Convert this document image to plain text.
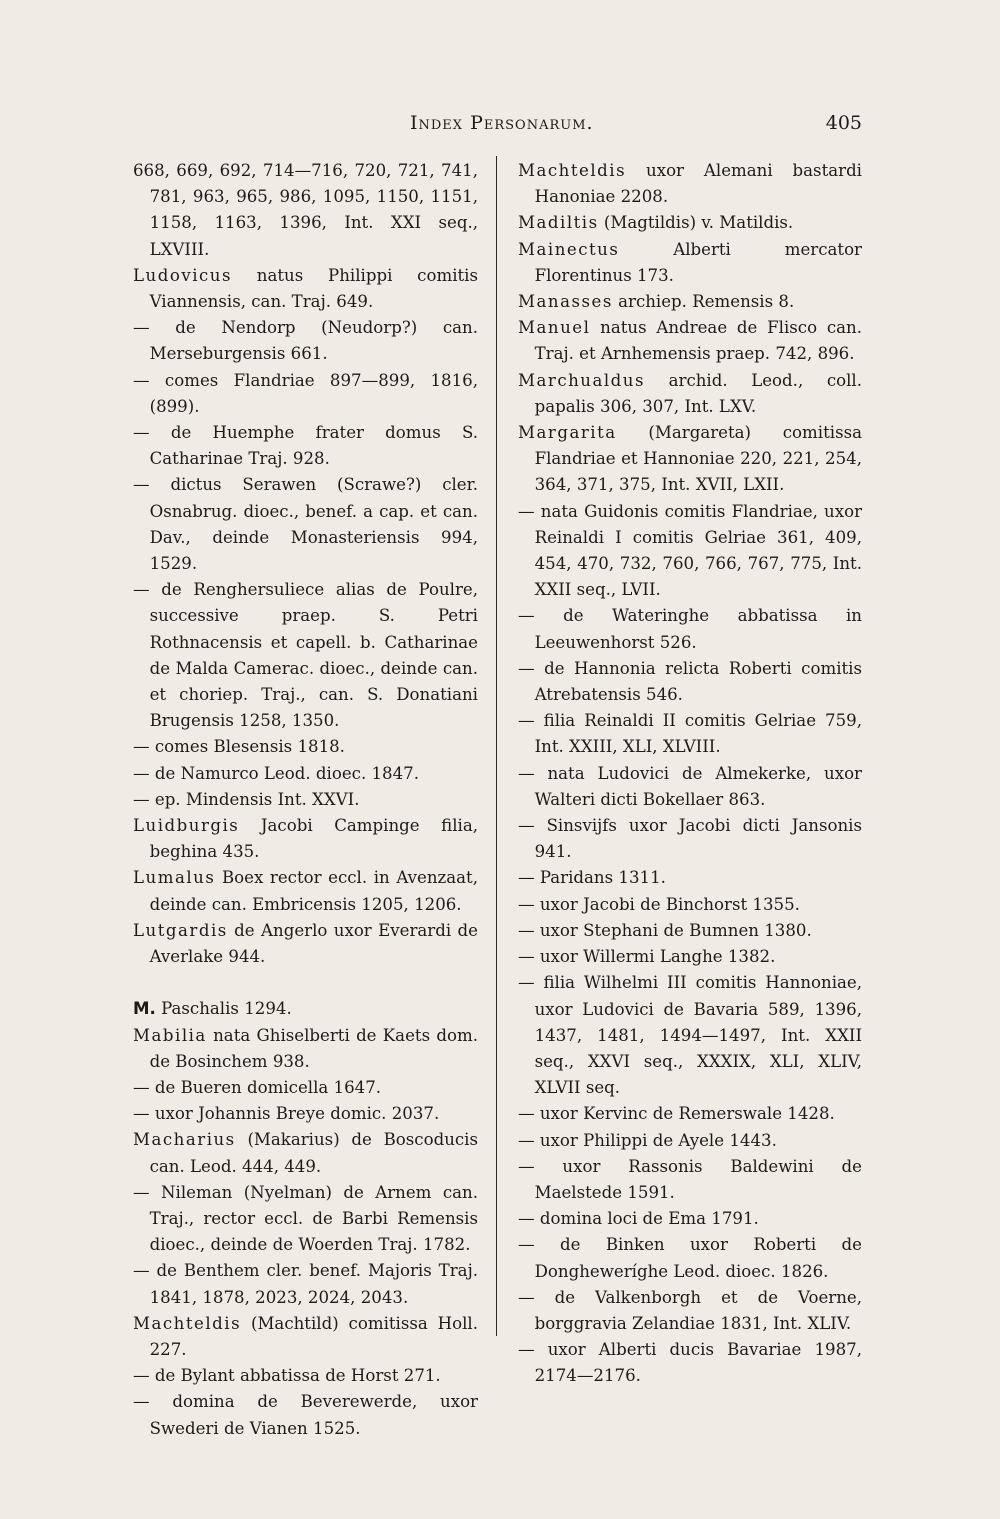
Index Personarum.	405

668, 669, 692, 714—716, 720, 721, 741, 781, 963, 965, 986, 1095, 1150, 1151, 1158, 1163, 1396, Int. XXI seq., LXVIII.

Ludovicus natus Philippi comitis Viannensis, can. Traj. 649.

— de Nendorp (Neudorp?) can. Merseburgensis 661.

— comes Flandriae 897—899, 1816, (899).

— de Huemphe frater domus S. Catharinae Traj. 928.

— dictus Serawen (Scrawe?) cler. Osnabrug. dioec., benef. a cap. et can. Dav., deinde Monasteriensis 994, 1529.

— de Renghersuliece alias de Poulre, successive praep. S. Petri Rothnacensis et capell. b. Catharinae de Malda Camerac. dioec., deinde can. et choriep. Traj., can. S. Donatiani Brugensis 1258, 1350.

— comes Blesensis 1818.

— de Namurco Leod. dioec. 1847.

— ep. Mindensis Int. XXVI.

Luidburgis Jacobi Campinge filia, beghina 435.

Lumalus Boex rector eccl. in Avenzaat, deinde can. Embricensis 1205, 1206.

Lutgardis de Angerlo uxor Everardi de Averlake 944.

M. Paschalis 1294.

Mabilia nata Ghiselberti de Kaets dom. de Bosinchem 938.

— de Bueren domicella 1647.

— uxor Johannis Breye domic. 2037.

Macharius (Makarius) de Boscoducis can. Leod. 444, 449.

— Nileman (Nyelman) de Arnem can. Traj., rector eccl. de Barbi Remensis dioec., deinde de Woerden Traj. 1782.

— de Benthem cler. benef. Majoris Traj. 1841, 1878, 2023, 2024, 2043.

Machteldis (Machtild) comitissa Holl. 227.

— de Bylant abbatissa de Horst 271.

— domina de Beverewerde, uxor Swederi de Vianen 1525.

Machteldis uxor Alemani bastardi Hanoniae 2208.

Madiltis (Magtildis) v. Matildis.

Mainectus Alberti mercator Florentinus 173.

Manasses archiep. Remensis 8.

Manuel natus Andreae de Flisco can. Traj. et Arnhemensis praep. 742, 896.

Marchualdus archid. Leod., coll. papalis 306, 307, Int. LXV.

Margarita (Margareta) comitissa Flandriae et Hannoniae 220, 221, 254, 364, 371, 375, Int. XVII, LXII.

— nata Guidonis comitis Flandriae, uxor Reinaldi I comitis Gelriae 361, 409, 454, 470, 732, 760, 766, 767, 775, Int. XXII seq., LVII.

— de Wateringhe abbatissa in Leeuwenhorst 526.

— de Hannonia relicta Roberti comitis Atrebatensis 546.

— filia Reinaldi II comitis Gelriae 759, Int. XXIII, XLI, XLVIII.

— nata Ludovici de Almekerke, uxor Walteri dicti Bokellaer 863.

— Sinsvijfs uxor Jacobi dicti Jansonis 941.

— Paridans 1311.

— uxor Jacobi de Binchorst 1355.

— uxor Stephani de Bumnen 1380.

— uxor Willermi Langhe 1382.

— filia Wilhelmi III comitis Hannoniae, uxor Ludovici de Bavaria 589, 1396, 1437, 1481, 1494—1497, Int. XXII seq., XXVI seq., XXXIX, XLI, XLIV, XLVII seq.

— uxor Kervinc de Remerswale 1428.

— uxor Philippi de Ayele 1443.

— uxor Rassonis Baldewini de Maelstede 1591.

— domina loci de Ema 1791.

— de Binken uxor Roberti de Dongheweríghe Leod. dioec. 1826.

— de Valkenborgh et de Voerne, borggravia Zelandiae 1831, Int. XLIV.

— uxor Alberti ducis Bavariae 1987, 2174—2176.
